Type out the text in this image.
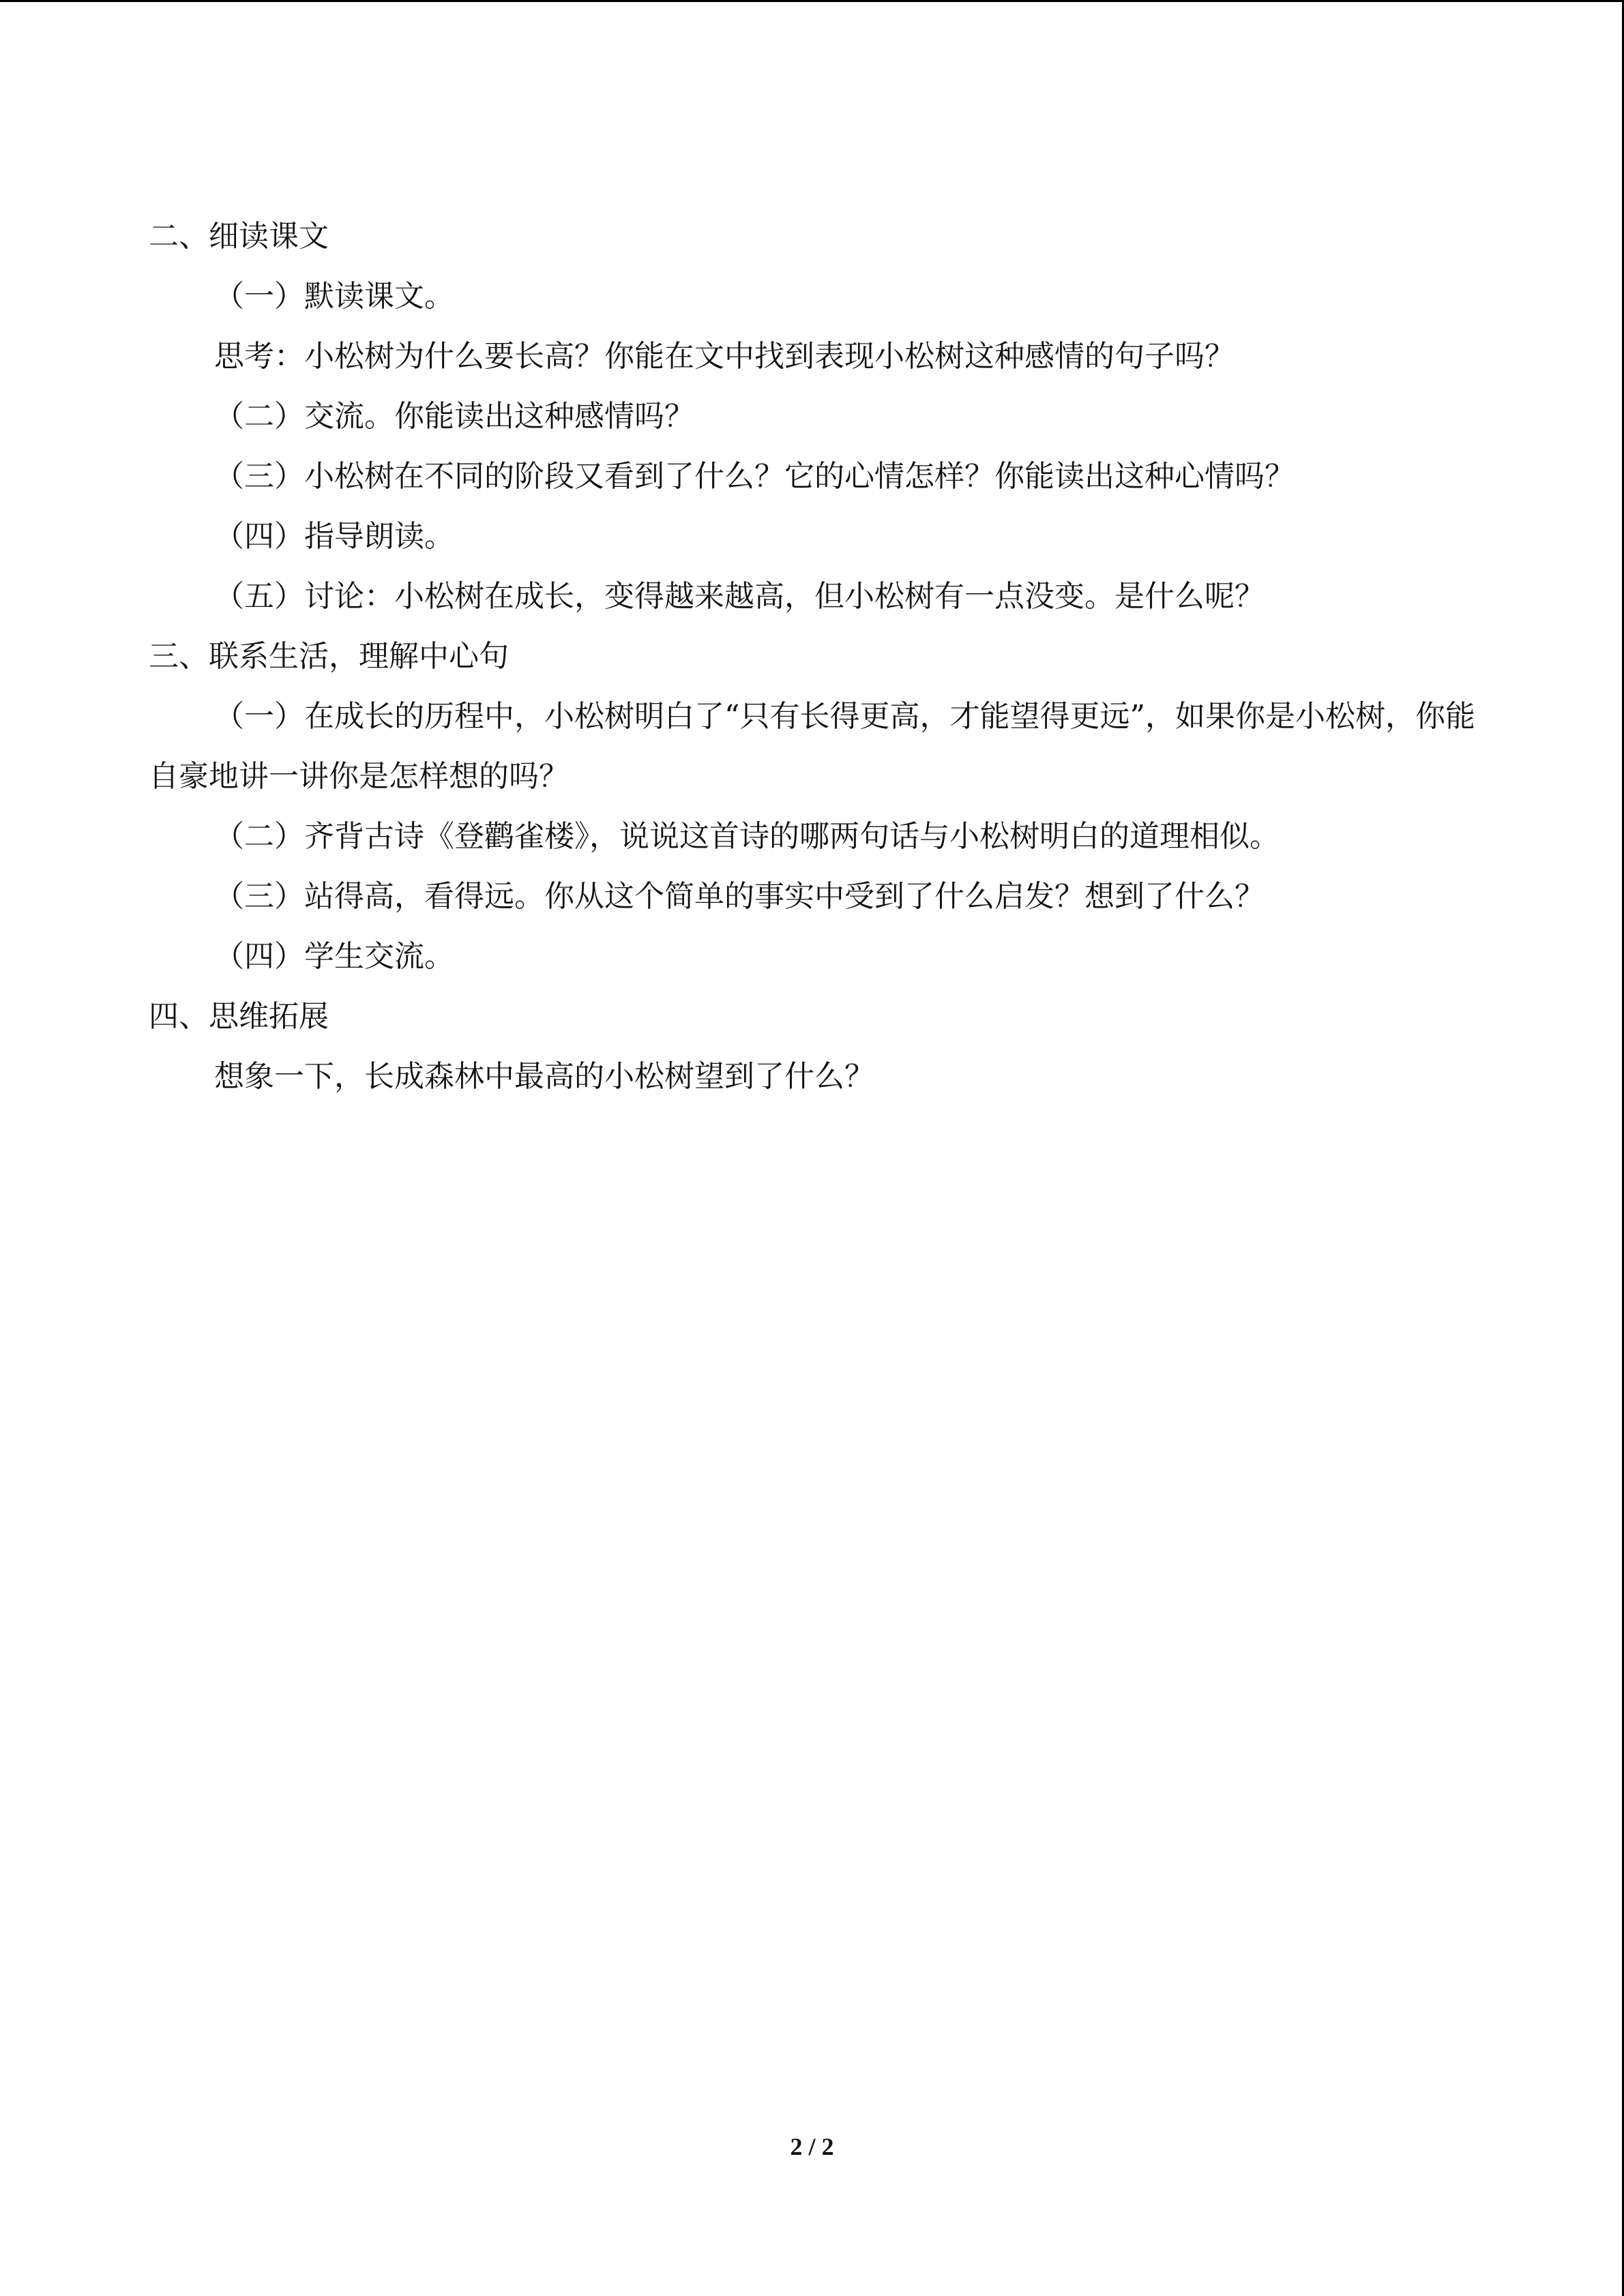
二、细读课文
（一）默读课文。
思考：小松树为什么要长高？你能在文中找到表现小松树这种感情的句子吗？
（二）交流。你能读出这种感情吗？
（三）小松树在不同的阶段又看到了什么？它的心情怎样？你能读出这种心情吗？
（四）指导朗读。
（五）讨论：小松树在成长，变得越来越高，但小松树有一点没变。是什么呢？
三、联系生活，理解中心句
（一）在成长的历程中，小松树明白了“只有长得更高，才能望得更远”，如果你是小松树，你能自豪地讲一讲你是怎样想的吗？
（二）齐背古诗《登鹳雀楼》，说说这首诗的哪两句话与小松树明白的道理相似。
（三）站得高，看得远。你从这个简单的事实中受到了什么启发？想到了什么？
（四）学生交流。
四、思维拓展
想象一下，长成森林中最高的小松树望到了什么？
2 / 2
